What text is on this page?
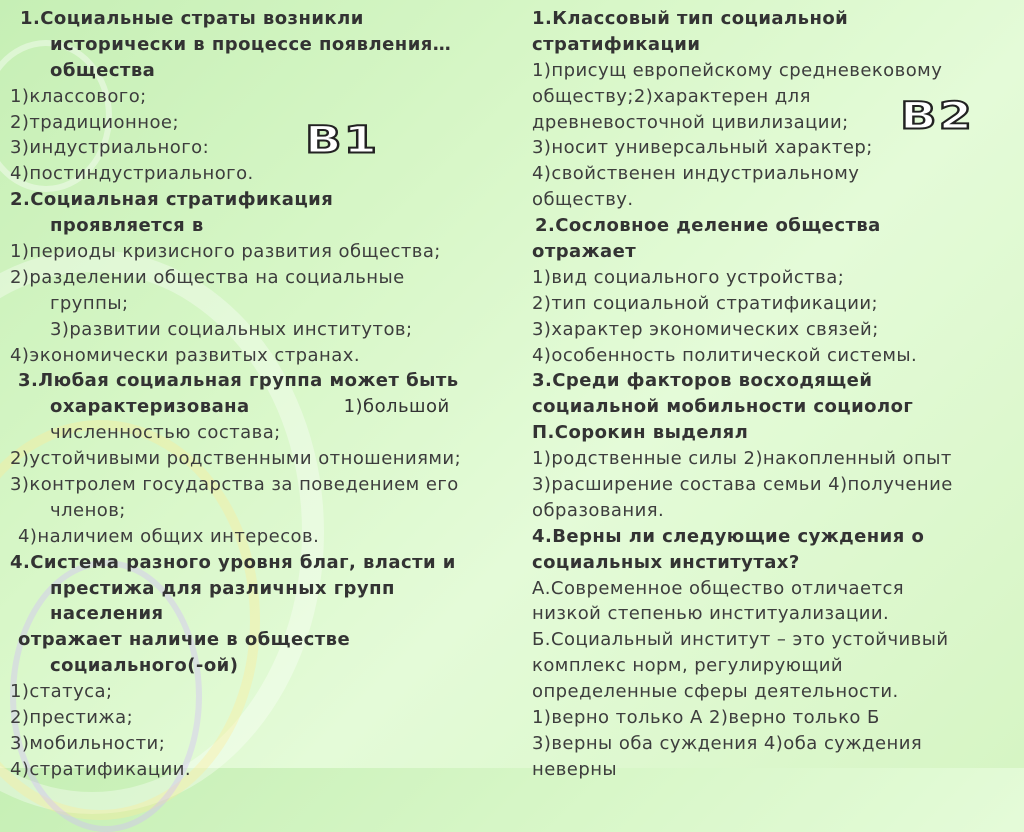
1.Социальные страты возникли
исторически в процессе появления…
общества
1)классового;
2)традиционное;
3)индустриального:
4)постиндустриального.
2.Социальная стратификация
проявляется в
1)периоды кризисного развития общества;
2)разделении общества на социальные
группы;
3)развитии социальных институтов;
4)экономически развитых странах.
3.Любая социальная группа может быть
охарактеризована	1)большой
численностью состава;
2)устойчивыми родственными отношениями;
3)контролем государства за поведением его
членов;
4)наличием общих интересов.
4.Система разного уровня благ, власти и
престижа для различных групп
населения
отражает наличие в обществе
социального(-ой)
1)статуса;
2)престижа;
3)мобильности;
4)стратификации.
1.Классовый тип социальной
стратификации
1)присущ европейскому средневековому
обществу;2)характерен для
древневосточной цивилизации;
3)носит универсальный характер;
4)свойственен индустриальному
обществу.
2.Сословное деление общества
отражает
1)вид социального устройства;
2)тип социальной стратификации;
3)характер экономических связей;
4)особенность политической системы.
3.Среди факторов восходящей
социальной мобильности социолог
П.Сорокин выделял
1)родственные силы 2)накопленный опыт
3)расширение состава семьи 4)получение
образования.
4.Верны ли следующие суждения о
социальных институтах?
А.Современное общество отличается
низкой степенью институализации.
Б.Социальный институт – это устойчивый
комплекс норм, регулирующий
определенные сферы деятельности.
1)верно только А 2)верно только Б
3)верны оба суждения 4)оба суждения
неверны
B1
B2
